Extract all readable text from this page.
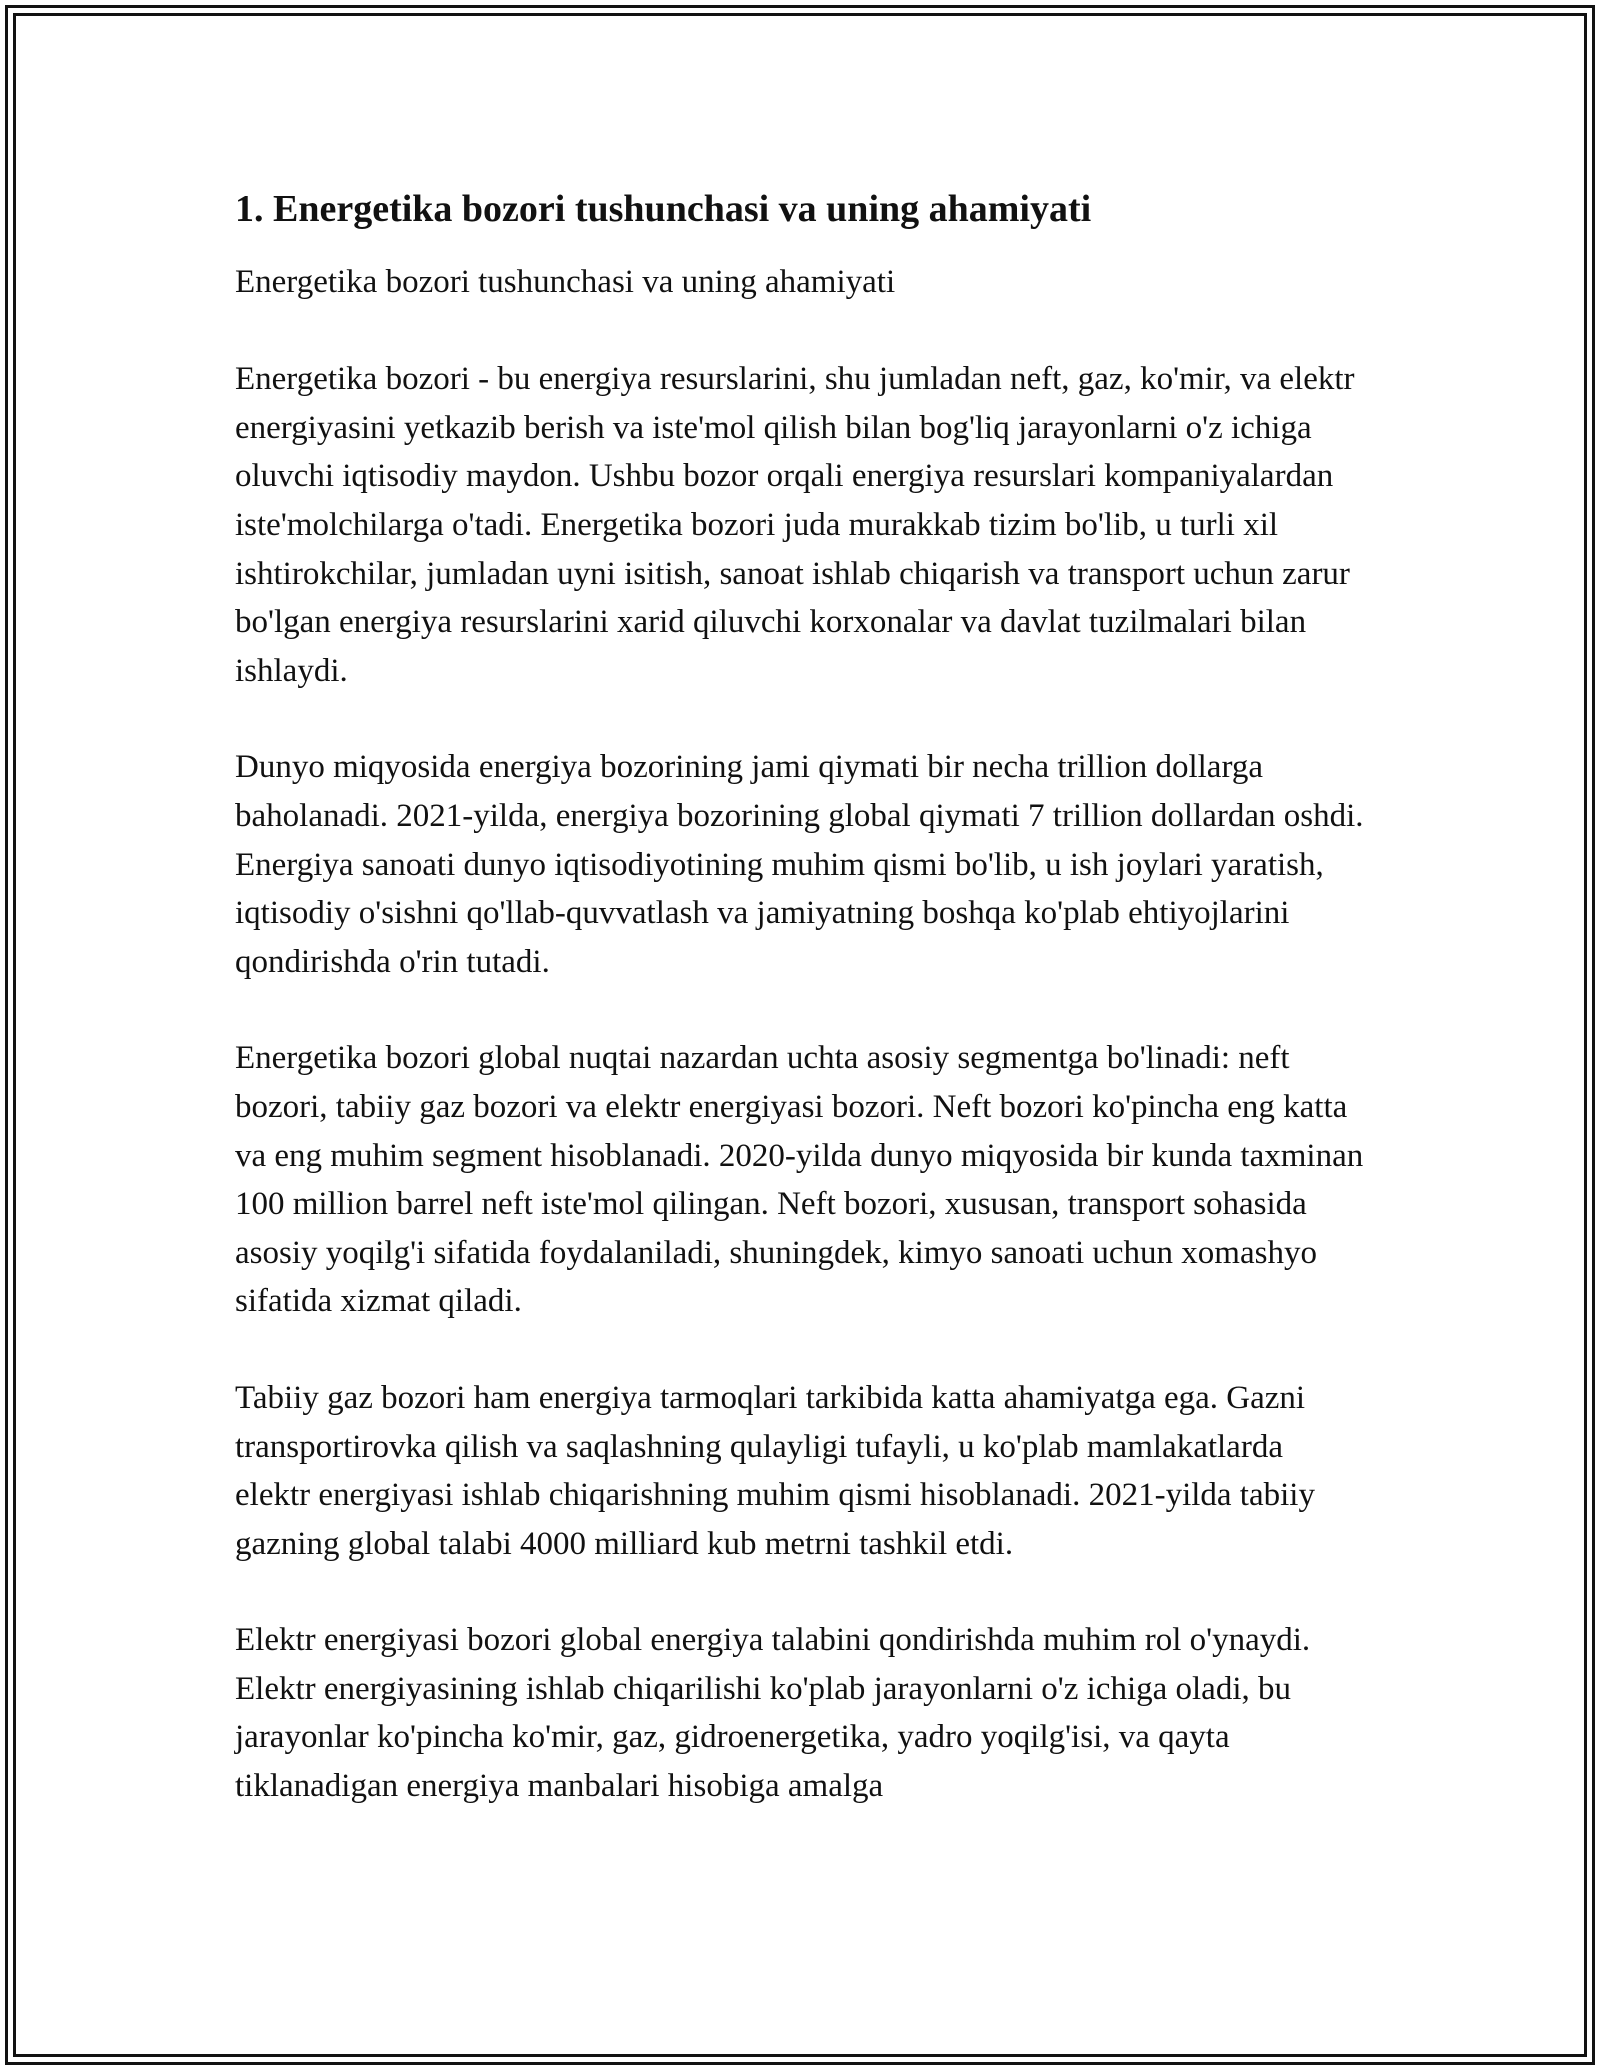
1. Energetika bozori tushunchasi va uning ahamiyati

Energetika bozori tushunchasi va uning ahamiyati

Energetika bozori - bu energiya resurslarini, shu jumladan neft, gaz, ko'mir, va elektr energiyasini yetkazib berish va iste'mol qilish bilan bog'liq jarayonlarni o'z ichiga oluvchi iqtisodiy maydon. Ushbu bozor orqali energiya resurslari kompaniyalardan iste'molchilarga o'tadi. Energetika bozori juda murakkab tizim bo'lib, u turli xil ishtirokchilar, jumladan uyni isitish, sanoat ishlab chiqarish va transport uchun zarur bo'lgan energiya resurslarini xarid qiluvchi korxonalar va davlat tuzilmalari bilan ishlaydi.

Dunyo miqyosida energiya bozorining jami qiymati bir necha trillion dollarga baholanadi. 2021-yilda, energiya bozorining global qiymati 7 trillion dollardan oshdi. Energiya sanoati dunyo iqtisodiyotining muhim qismi bo'lib, u ish joylari yaratish, iqtisodiy o'sishni qo'llab-quvvatlash va jamiyatning boshqa ko'plab ehtiyojlarini qondirishda o'rin tutadi.

Energetika bozori global nuqtai nazardan uchta asosiy segmentga bo'linadi: neft bozori, tabiiy gaz bozori va elektr energiyasi bozori. Neft bozori ko'pincha eng katta va eng muhim segment hisoblanadi. 2020-yilda dunyo miqyosida bir kunda taxminan 100 million barrel neft iste'mol qilingan. Neft bozori, xususan, transport sohasida asosiy yoqilg'i sifatida foydalaniladi, shuningdek, kimyo sanoati uchun xomashyo sifatida xizmat qiladi.

Tabiiy gaz bozori ham energiya tarmoqlari tarkibida katta ahamiyatga ega. Gazni transportirovka qilish va saqlashning qulayligi tufayli, u ko'plab mamlakatlarda elektr energiyasi ishlab chiqarishning muhim qismi hisoblanadi. 2021-yilda tabiiy gazning global talabi 4000 milliard kub metrni tashkil etdi.

Elektr energiyasi bozori global energiya talabini qondirishda muhim rol o'ynaydi. Elektr energiyasining ishlab chiqarilishi ko'plab jarayonlarni o'z ichiga oladi, bu jarayonlar ko'pincha ko'mir, gaz, gidroenergetika, yadro yoqilg'isi, va qayta tiklanadigan energiya manbalari hisobiga amalga
